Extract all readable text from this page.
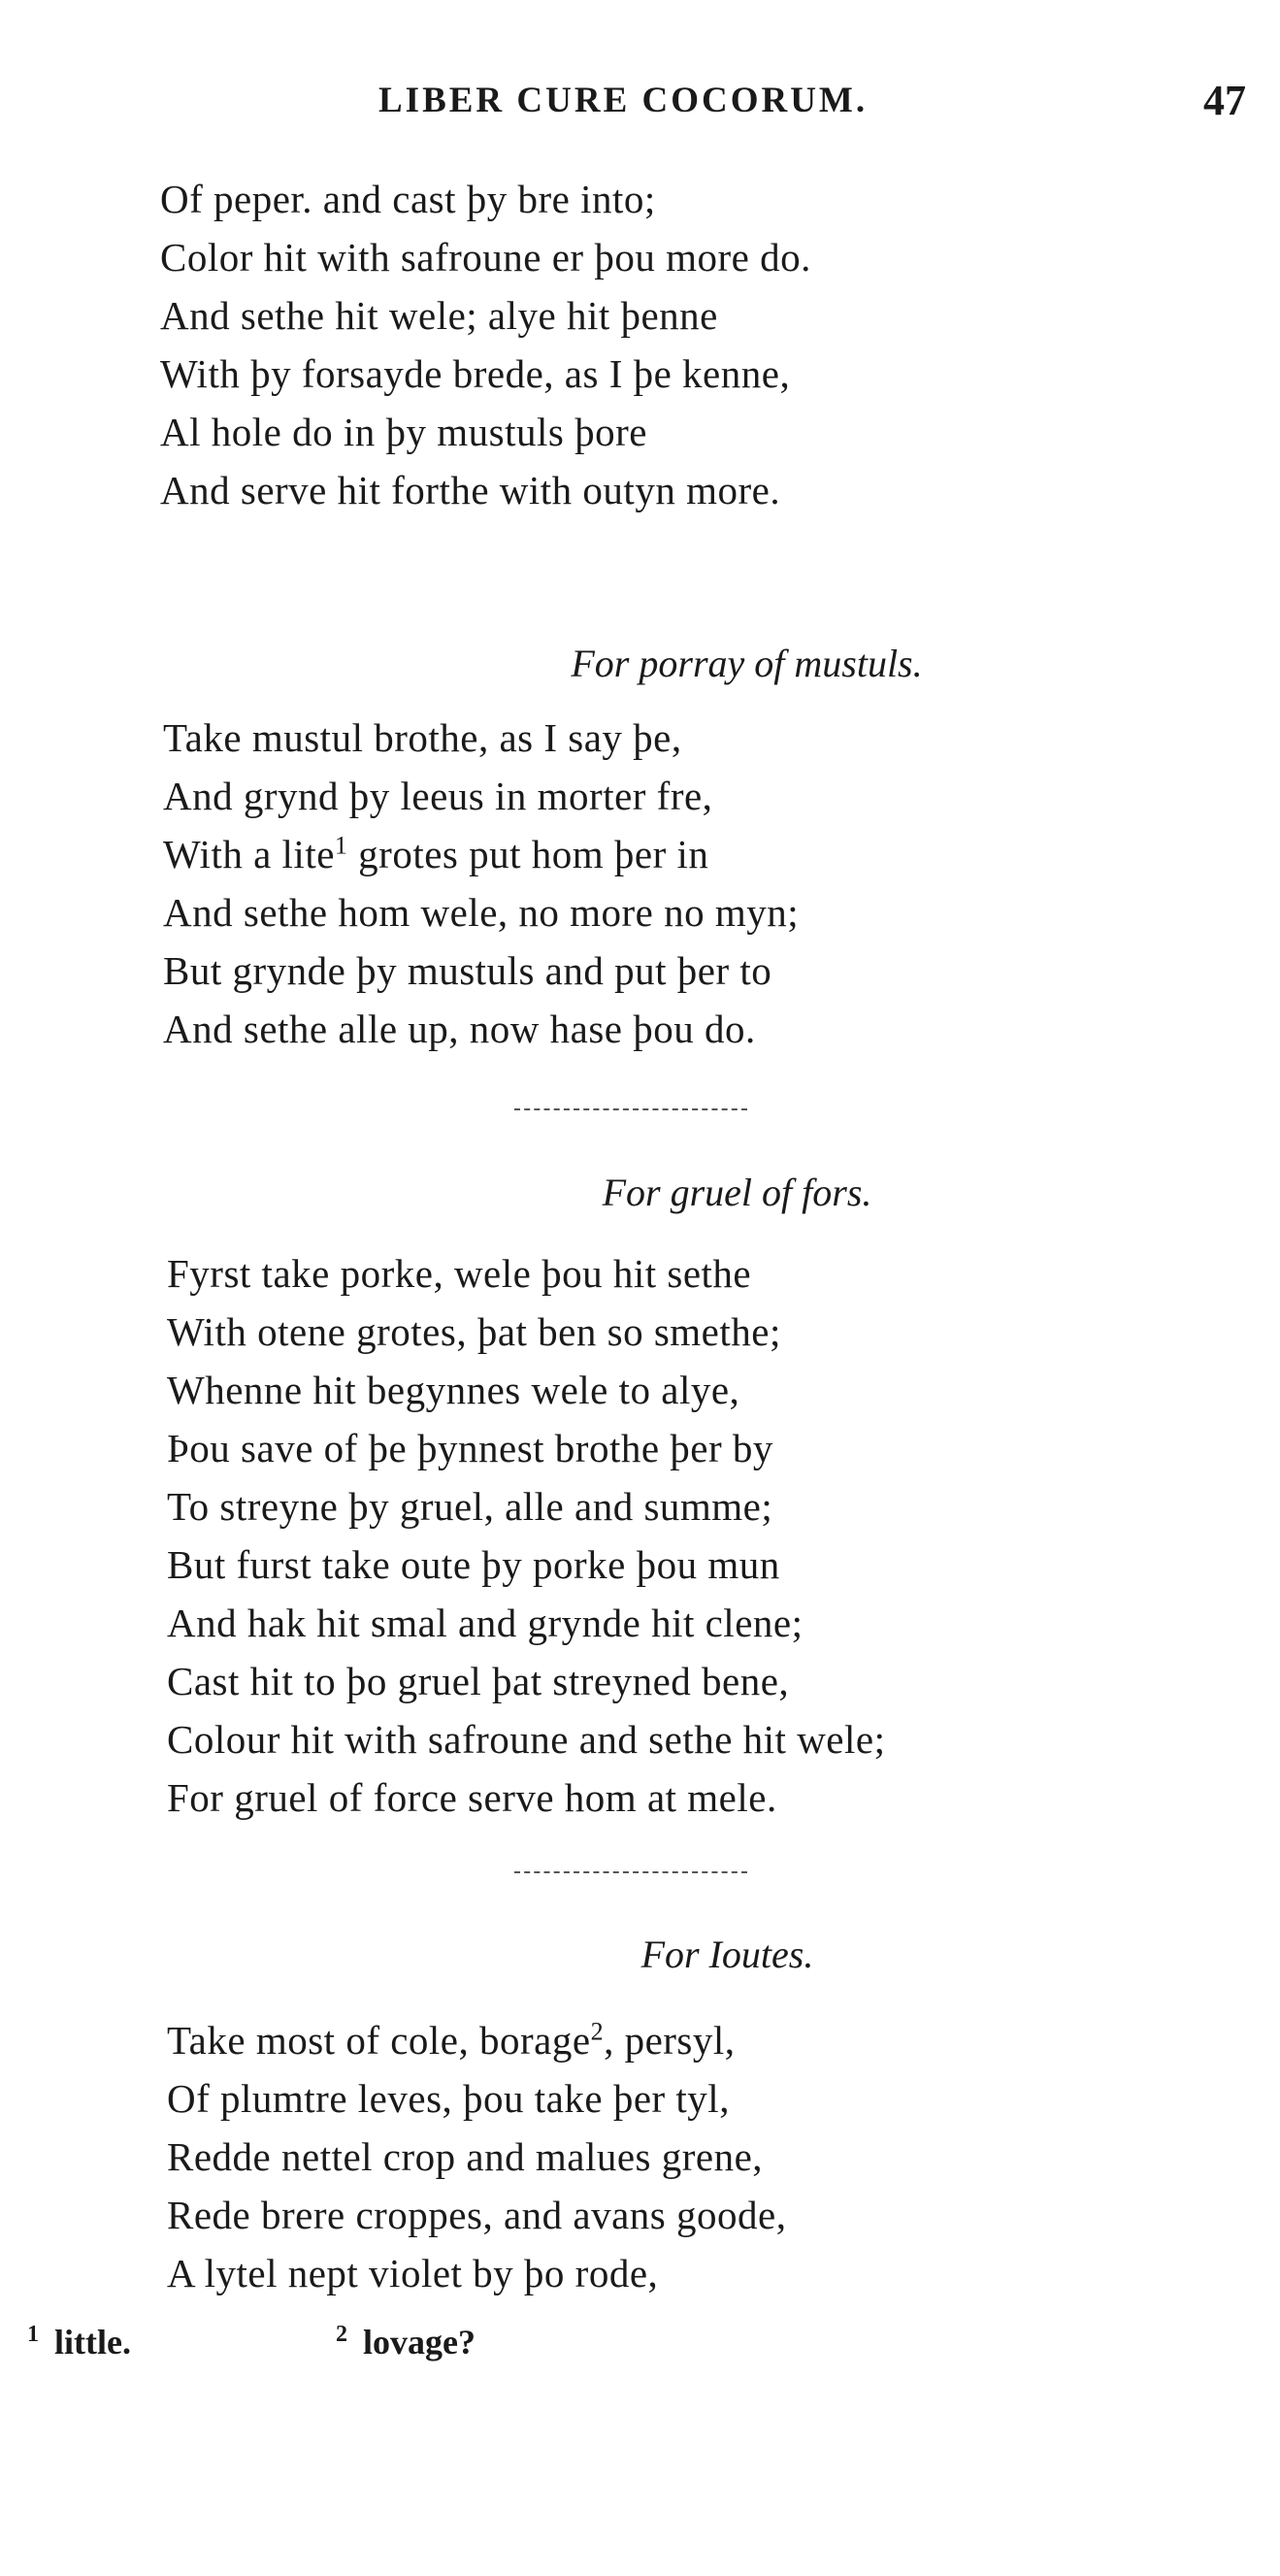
LIBER CURE COCORUM.	47
Of peper. and cast þy bre into;
Color hit with safroune er þou more do.
And sethe hit wele; alye hit þenne
With þy forsayde brede, as I þe kenne,
Al hole do in þy mustuls þore
And serve hit forthe with outyn more.
For porray of mustuls.
Take mustul brothe, as I say þe,
And grynd þy leeus in morter fre,
With a lite$^1$ grotes put hom þer in
And sethe hom wele, no more no myn;
But grynde þy mustuls and put þer to
And sethe alle up, now hase þou do.
For gruel of fors.
Fyrst take porke, wele þou hit sethe
With otene grotes, þat ben so smethe;
Whenne hit begynnes wele to alye,
Þou save of þe þynnest brothe þer by
To streyne þy gruel, alle and summe;
But furst take oute þy porke þou mun
And hak hit smal and grynde hit clene;
Cast hit to þo gruel þat streyned bene,
Colour hit with safroune and sethe hit wele;
For gruel of force serve hom at mele.
For Ioutes.
Take most of cole, borage$^2$, persyl,
Of plumtre leves, þou take þer tyl,
Redde nettel crop and malues grene,
Rede brere croppes, and avans goode,
A lytel nept violet by þo rode,
$^1$ little.	$^2$ lovage?
